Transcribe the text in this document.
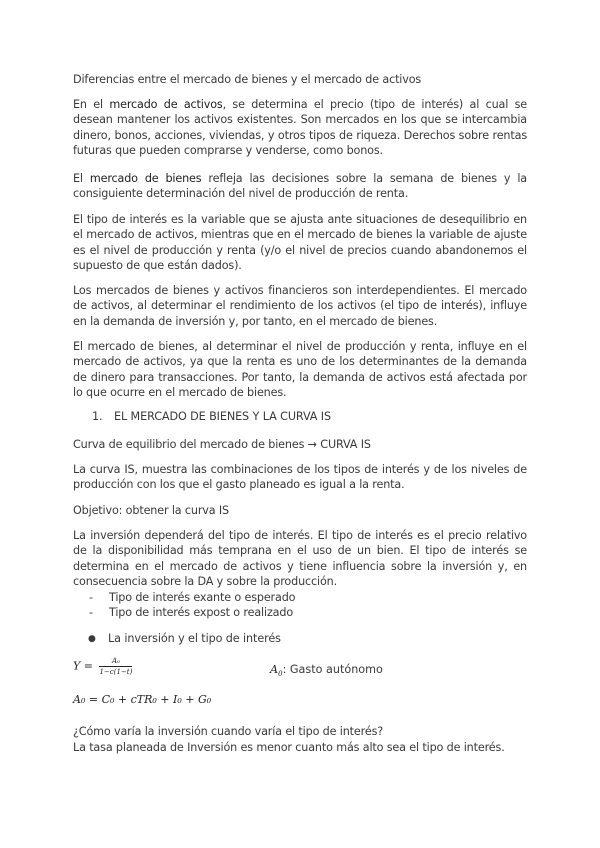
Diferencias entre el mercado de bienes y el mercado de activos

En el mercado de activos, se determina el precio (tipo de interés) al cual se desean mantener los activos existentes. Son mercados en los que se intercambia dinero, bonos, acciones, viviendas, y otros tipos de riqueza. Derechos sobre rentas futuras que pueden comprarse y venderse, como bonos.

El mercado de bienes refleja las decisiones sobre la semana de bienes y la consiguiente determinación del nivel de producción de renta.

El tipo de interés es la variable que se ajusta ante situaciones de desequilibrio en el mercado de activos, mientras que en el mercado de bienes la variable de ajuste es el nivel de producción y renta (y/o el nivel de precios cuando abandonemos el supuesto de que están dados).

Los mercados de bienes y activos financieros son interdependientes. El mercado de activos, al determinar el rendimiento de los activos (el tipo de interés), influye en la demanda de inversión y, por tanto, en el mercado de bienes.

El mercado de bienes, al determinar el nivel de producción y renta, influye en el mercado de activos, ya que la renta es uno de los determinantes de la demanda de dinero para transacciones. Por tanto, la demanda de activos está afectada por lo que ocurre en el mercado de bienes.

1. EL MERCADO DE BIENES Y LA CURVA IS

Curva de equilibrio del mercado de bienes → CURVA IS

La curva IS, muestra las combinaciones de los tipos de interés y de los niveles de producción con los que el gasto planeado es igual a la renta.

Objetivo: obtener la curva IS

La inversión dependerá del tipo de interés. El tipo de interés es el precio relativo de la disponibilidad más temprana en el uso de un bien. El tipo de interés se determina en el mercado de activos y tiene influencia sobre la inversión y, en consecuencia sobre la DA y sobre la producción.

- Tipo de interés exante o esperado
- Tipo de interés expost o realizado
● La inversión y el tipo de interés
$Y = \frac{\text{A₀}}{1-c(1-t)}$	$A_0$: Gasto autónomo
A₀ = C₀ + cTR₀ + I₀ + G₀

¿Cómo varía la inversión cuando varía el tipo de interés?

La tasa planeada de Inversión es menor cuanto más alto sea el tipo de interés.
